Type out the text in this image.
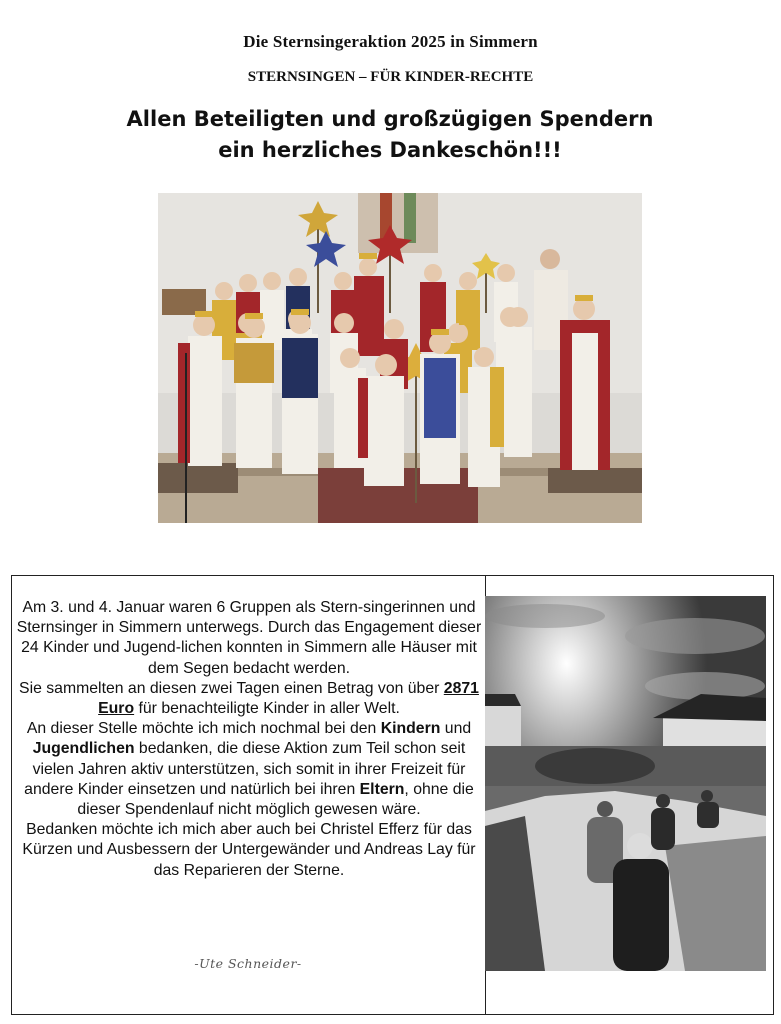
Die Sternsingeraktion 2025 in Simmern
STERNSINGEN – FÜR KINDER-RECHTE
Allen Beteiligten und großzügigen Spendern
ein herzliches Dankeschön!!!

Am 3. und 4. Januar waren 6 Gruppen als Stern-singerinnen und Sternsinger in Simmern unterwegs. Durch das Engagement dieser 24 Kinder und Jugend-lichen konnten in Simmern alle Häuser mit dem Segen bedacht werden.

Sie sammelten an diesen zwei Tagen einen Betrag von über 2871 Euro für benachteiligte Kinder in aller Welt.

An dieser Stelle möchte ich mich nochmal bei den Kindern und Jugendlichen bedanken, die diese Aktion zum Teil schon seit vielen Jahren aktiv unterstützen, sich somit in ihrer Freizeit für andere Kinder einsetzen und natürlich bei ihren Eltern, ohne die dieser Spendenlauf nicht möglich gewesen wäre.

Bedanken möchte ich mich aber auch bei Christel Efferz für das Kürzen und Ausbessern der Untergewänder und Andreas Lay für das Reparieren der Sterne.

-Ute Schneider-
